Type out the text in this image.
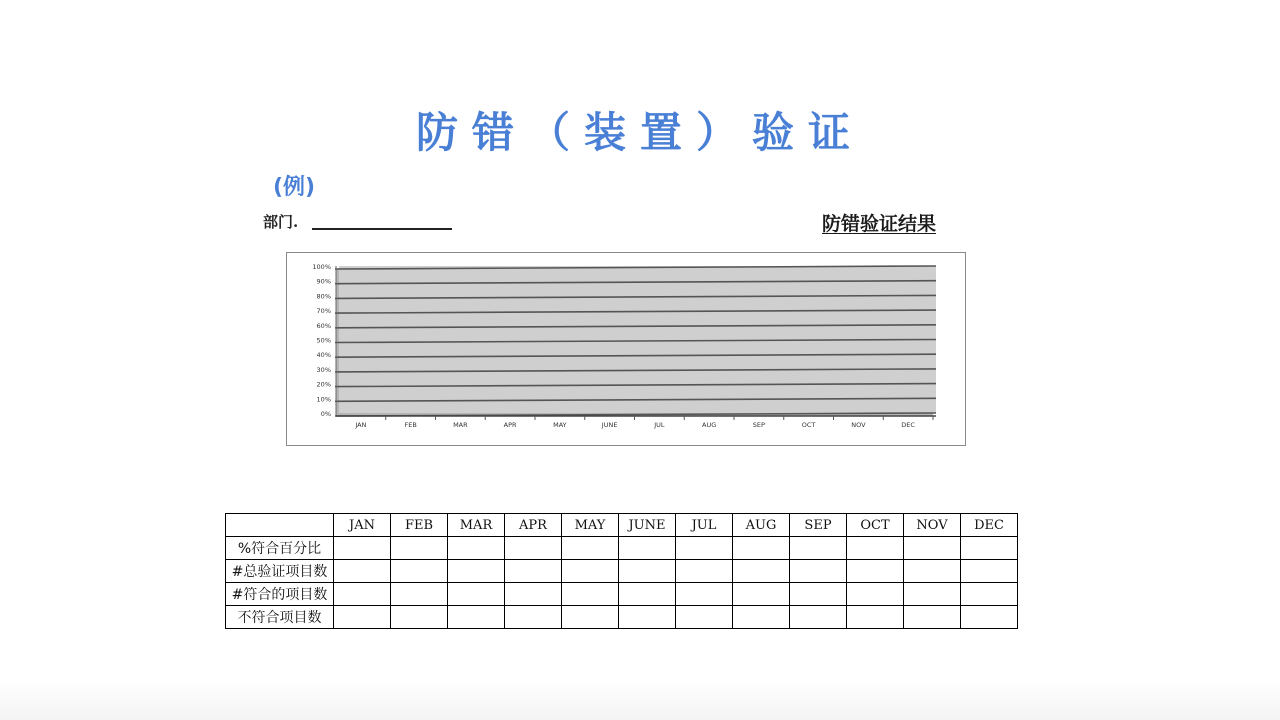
防错（装置）验证
(例)
部门.	防错验证结果
100%
90%
80%
70%
60%
50%
40%
30%
20%
10%
0%
JAN	FEB	MAR	APR	MAY	JUNE	JUL	AUG	SEP	OCT	NOV	DEC
	JAN	FEB	MAR	APR	MAY	JUNE	JUL	AUG	SEP	OCT	NOV	DEC
%符合百分比												
#总验证项目数												
#符合的项目数												
不符合项目数												
